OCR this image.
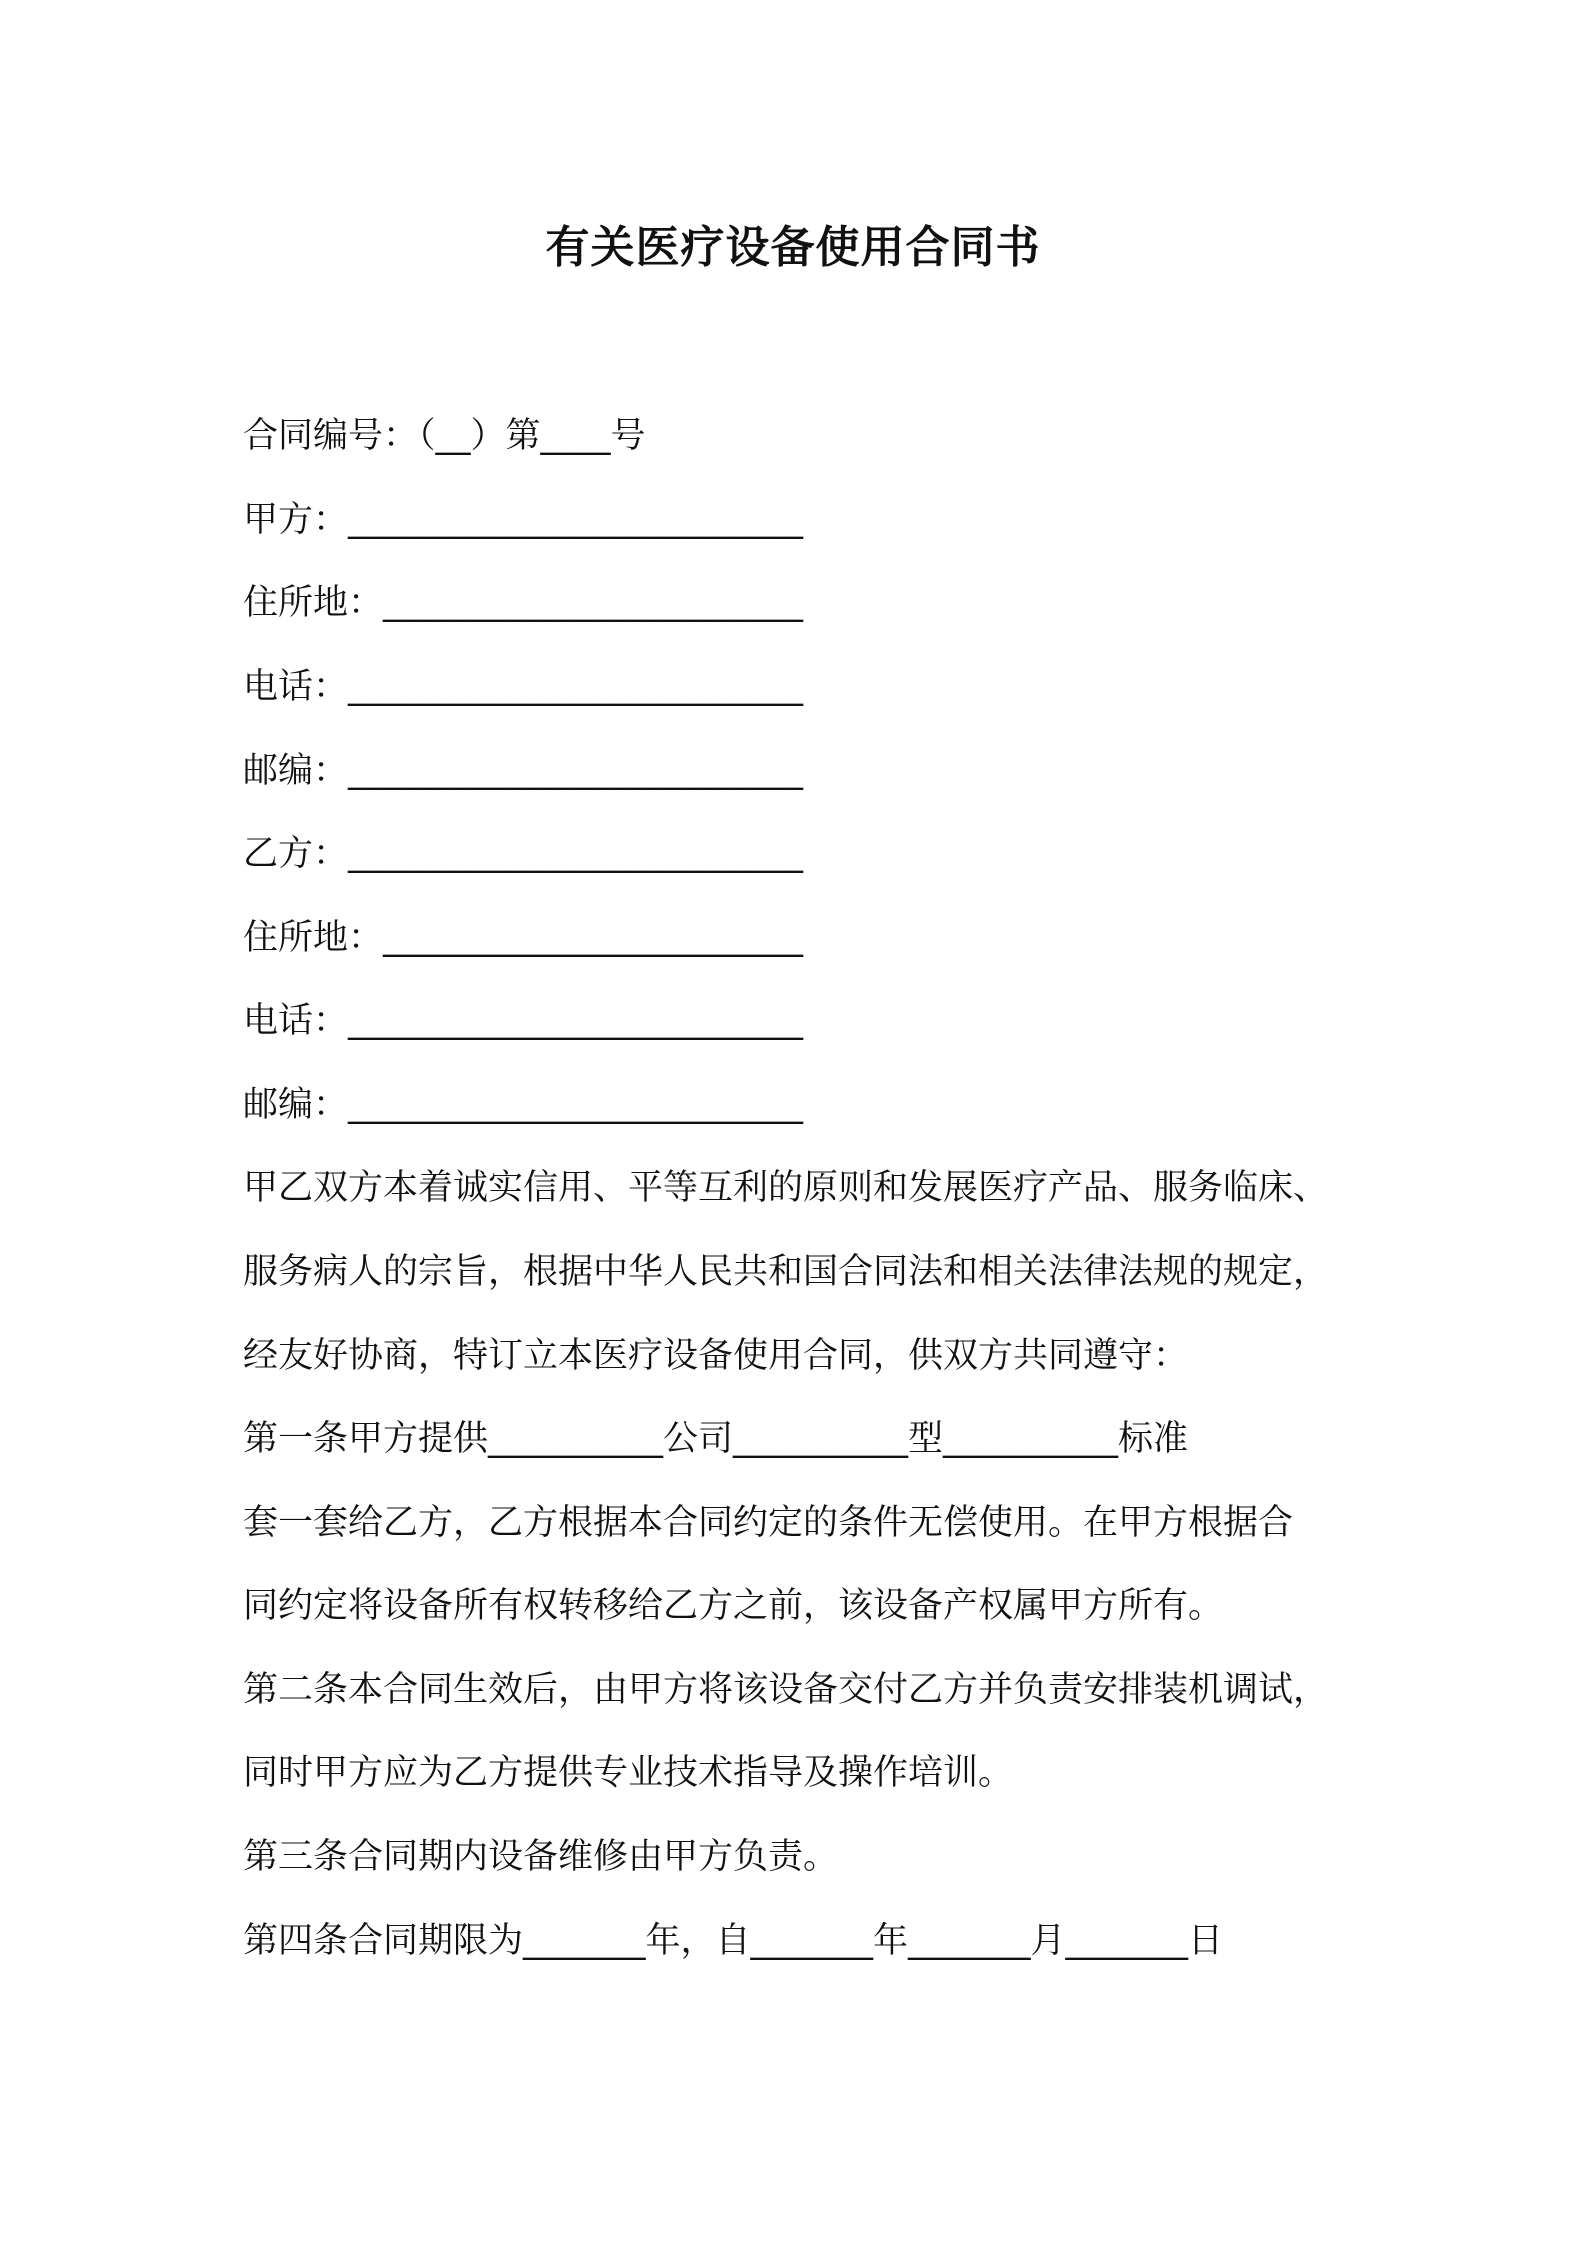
有关医疗设备使用合同书
合同编号：（__）第____号
甲方：__________________________
住所地：________________________
电话：__________________________
邮编：__________________________
乙方：__________________________
住所地：________________________
电话：__________________________
邮编：__________________________
甲乙双方本着诚实信用、平等互利的原则和发展医疗产品、服务临床、
服务病人的宗旨，根据中华人民共和国合同法和相关法律法规的规定，
经友好协商，特订立本医疗设备使用合同，供双方共同遵守：
第一条甲方提供__________公司__________型__________标准
套一套给乙方，乙方根据本合同约定的条件无偿使用。在甲方根据合
同约定将设备所有权转移给乙方之前，该设备产权属甲方所有。
第二条本合同生效后，由甲方将该设备交付乙方并负责安排装机调试，
同时甲方应为乙方提供专业技术指导及操作培训。
第三条合同期内设备维修由甲方负责。
第四条合同期限为_______年，自_______年_______月_______日
